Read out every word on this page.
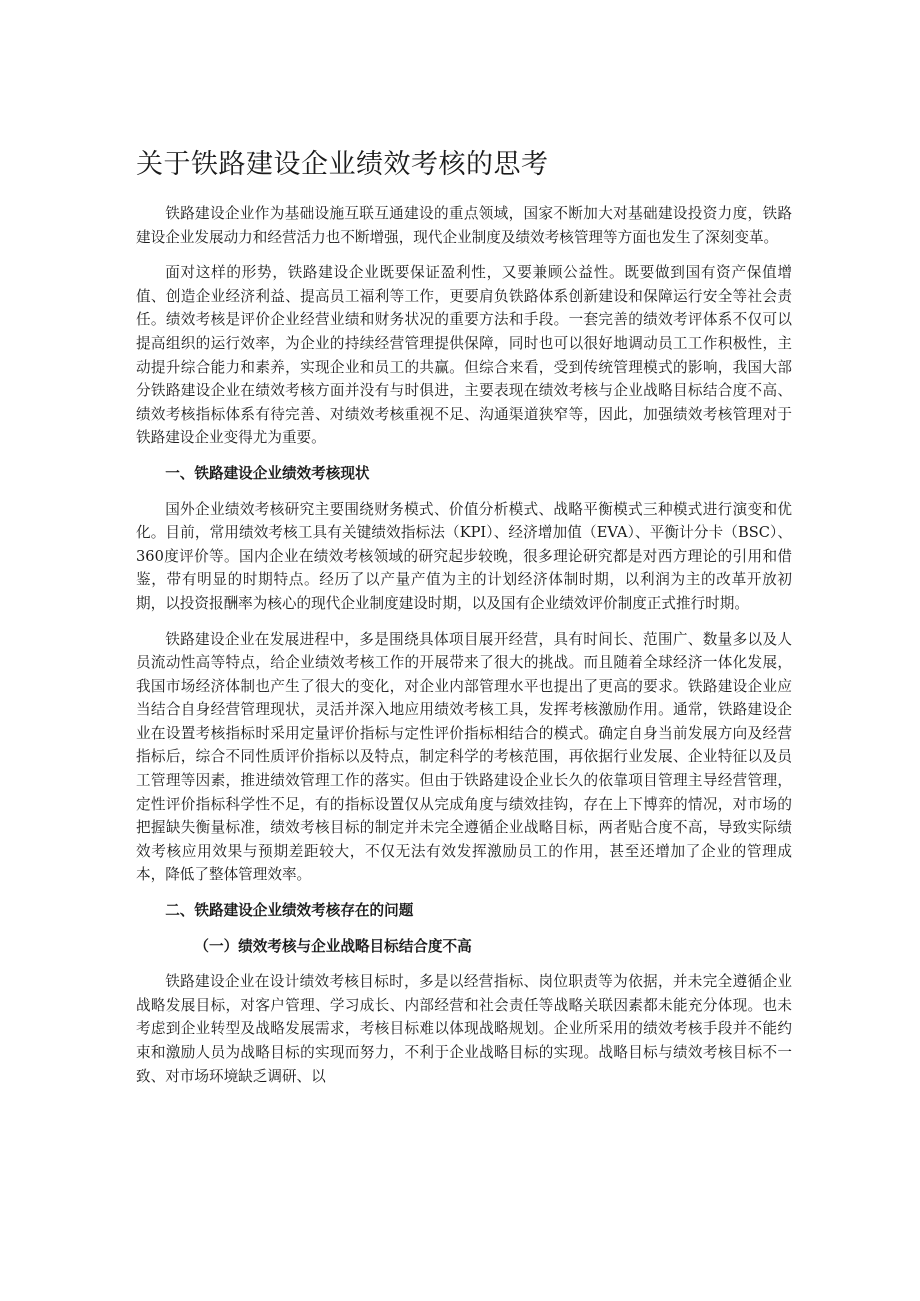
关于铁路建设企业绩效考核的思考

铁路建设企业作为基础设施互联互通建设的重点领域，国家不断加大对基础建设投资力度，铁路建设企业发展动力和经营活力也不断增强，现代企业制度及绩效考核管理等方面也发生了深刻变革。

面对这样的形势，铁路建设企业既要保证盈利性，又要兼顾公益性。既要做到国有资产保值增值、创造企业经济利益、提高员工福利等工作，更要肩负铁路体系创新建设和保障运行安全等社会责任。绩效考核是评价企业经营业绩和财务状况的重要方法和手段。一套完善的绩效考评体系不仅可以提高组织的运行效率，为企业的持续经营管理提供保障，同时也可以很好地调动员工工作积极性，主动提升综合能力和素养，实现企业和员工的共赢。但综合来看，受到传统管理模式的影响，我国大部分铁路建设企业在绩效考核方面并没有与时俱进，主要表现在绩效考核与企业战略目标结合度不高、绩效考核指标体系有待完善、对绩效考核重视不足、沟通渠道狭窄等，因此，加强绩效考核管理对于铁路建设企业变得尤为重要。

一、铁路建设企业绩效考核现状

国外企业绩效考核研究主要围绕财务模式、价值分析模式、战略平衡模式三种模式进行演变和优化。目前，常用绩效考核工具有关键绩效指标法（KPI）、经济增加值（EVA）、平衡计分卡（BSC）、360度评价等。国内企业在绩效考核领域的研究起步较晚，很多理论研究都是对西方理论的引用和借鉴，带有明显的时期特点。经历了以产量产值为主的计划经济体制时期，以利润为主的改革开放初期，以投资报酬率为核心的现代企业制度建设时期，以及国有企业绩效评价制度正式推行时期。

铁路建设企业在发展进程中，多是围绕具体项目展开经营，具有时间长、范围广、数量多以及人员流动性高等特点，给企业绩效考核工作的开展带来了很大的挑战。而且随着全球经济一体化发展，我国市场经济体制也产生了很大的变化，对企业内部管理水平也提出了更高的要求。铁路建设企业应当结合自身经营管理现状，灵活并深入地应用绩效考核工具，发挥考核激励作用。通常，铁路建设企业在设置考核指标时采用定量评价指标与定性评价指标相结合的模式。确定自身当前发展方向及经营指标后，综合不同性质评价指标以及特点，制定科学的考核范围，再依据行业发展、企业特征以及员工管理等因素，推进绩效管理工作的落实。但由于铁路建设企业长久的依靠项目管理主导经营管理，定性评价指标科学性不足，有的指标设置仅从完成角度与绩效挂钩，存在上下博弈的情况，对市场的把握缺失衡量标准，绩效考核目标的制定并未完全遵循企业战略目标，两者贴合度不高，导致实际绩效考核应用效果与预期差距较大，不仅无法有效发挥激励员工的作用，甚至还增加了企业的管理成本，降低了整体管理效率。

二、铁路建设企业绩效考核存在的问题
（一）绩效考核与企业战略目标结合度不高

铁路建设企业在设计绩效考核目标时，多是以经营指标、岗位职责等为依据，并未完全遵循企业战略发展目标，对客户管理、学习成长、内部经营和社会责任等战略关联因素都未能充分体现。也未考虑到企业转型及战略发展需求，考核目标难以体现战略规划。企业所采用的绩效考核手段并不能约束和激励人员为战略目标的实现而努力，不利于企业战略目标的实现。战略目标与绩效考核目标不一致、对市场环境缺乏调研、以
